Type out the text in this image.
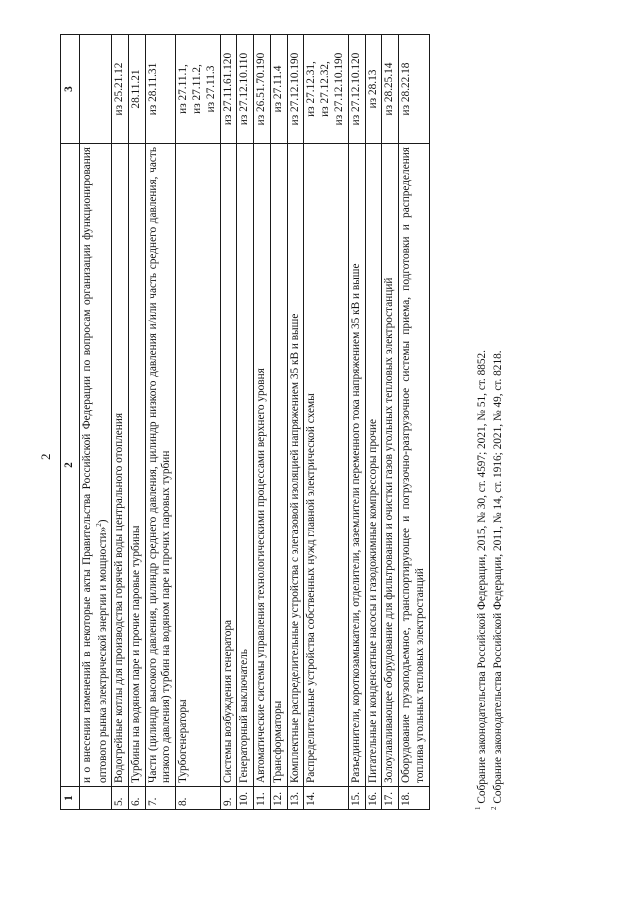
2
1	2	3
	и о внесении изменений в некоторые акты Правительства Российской Федерации по вопросам организации функционирования оптового рынка электрической энергии и мощности»$^2$)	
5.	Водогрейные котлы для производства горячей воды центрального отопления	из 25.21.12
6.	Турбины на водяном паре и прочие паровые турбины	28.11.21
7.	Части (цилиндр высокого давления, цилиндр среднего давления, цилиндр низкого давления и/или часть среднего давления, часть низкого давления) турбин на водяном паре и прочих паровых турбин	из 28.11.31
8.	Турбогенераторы	из 27.11.1,
из 27.11.2,
из 27.11.3
9.	Системы возбуждения генератора	из 27.11.61.120
10.	Генераторный выключатель	из 27.12.10.110
11.	Автоматические системы управления технологическими процессами верхнего уровня	из 26.51.70.190
12.	Трансформаторы	из 27.11.4
13.	Комплектные распределительные устройства с элегазовой изоляцией напряжением 35 кВ и выше	из 27.12.10.190
14.	Распределительные устройства собственных нужд главной электрической схемы	из 27.12.31,
из 27.12.32,
из 27.12.10.190
15.	Разъединители, короткозамыкатели, отделители, заземлители переменного тока напряжением 35 кВ и выше	из 27.12.10.120
16.	Питательные и конденсатные насосы и газодожимные компрессоры прочие	из 28.13
17.	Золоулавливающее оборудование для фильтрования и очистки газов угольных тепловых электростанций	из 28.25.14
18.	Оборудование грузоподъемное, транспортирующее и погрузочно-разгрузочное системы приема, подготовки и распределения топлива угольных тепловых электростанций	из 28.22.18
$^1$ Собрание законодательства Российской Федерации, 2015, № 30, ст. 4597; 2021, № 51, ст. 8852.
$^2$ Собрание законодательства Российской Федерации, 2011, № 14, ст. 1916; 2021, № 49, ст. 8218.
